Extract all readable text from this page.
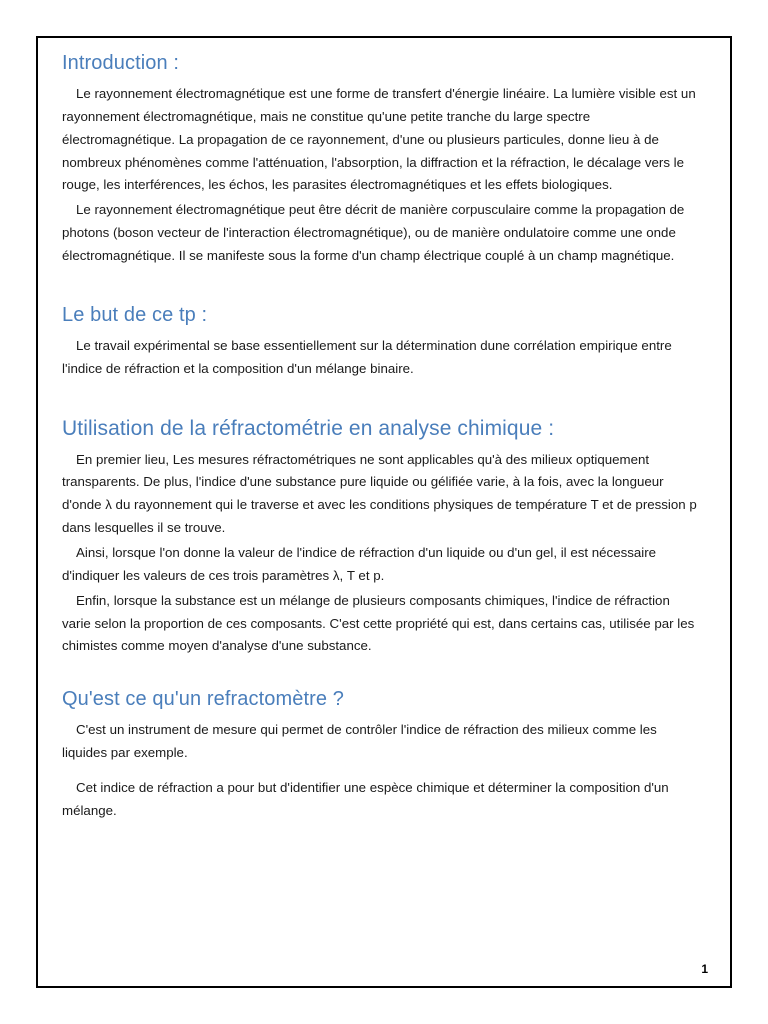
Introduction :

Le rayonnement électromagnétique est une forme de transfert d'énergie linéaire. La lumière visible est un rayonnement électromagnétique, mais ne constitue qu'une petite tranche du large spectre électromagnétique. La propagation de ce rayonnement, d'une ou plusieurs particules, donne lieu à de nombreux phénomènes comme l'atténuation, l'absorption, la diffraction et la réfraction, le décalage vers le rouge, les interférences, les échos, les parasites électromagnétiques et les effets biologiques.

Le rayonnement électromagnétique peut être décrit de manière corpusculaire comme la propagation de photons (boson vecteur de l'interaction électromagnétique), ou de manière ondulatoire comme une onde électromagnétique. Il se manifeste sous la forme d'un champ électrique couplé à un champ magnétique.

Le but de ce tp :

Le travail expérimental se base essentiellement sur la détermination dune corrélation empirique entre l'indice de réfraction et la composition d'un mélange binaire.

Utilisation de la réfractométrie en analyse chimique :

En premier lieu, Les mesures réfractométriques ne sont applicables qu'à des milieux optiquement transparents. De plus, l'indice d'une substance pure liquide ou gélifiée varie, à la fois, avec la longueur d'onde λ du rayonnement qui le traverse et avec les conditions physiques de température T et de pression p dans lesquelles il se trouve.

Ainsi, lorsque l'on donne la valeur de l'indice de réfraction d'un liquide ou d'un gel, il est nécessaire d'indiquer les valeurs de ces trois paramètres λ, T et p.

Enfin, lorsque la substance est un mélange de plusieurs composants chimiques, l'indice de réfraction varie selon la proportion de ces composants. C'est cette propriété qui est, dans certains cas, utilisée par les chimistes comme moyen d'analyse d'une substance.

Qu'est ce qu'un refractomètre ?

C'est un instrument de mesure qui permet de contrôler l'indice de réfraction des milieux comme les liquides par exemple.

Cet indice de réfraction a pour but d'identifier une espèce chimique et déterminer la composition d'un mélange.

1
